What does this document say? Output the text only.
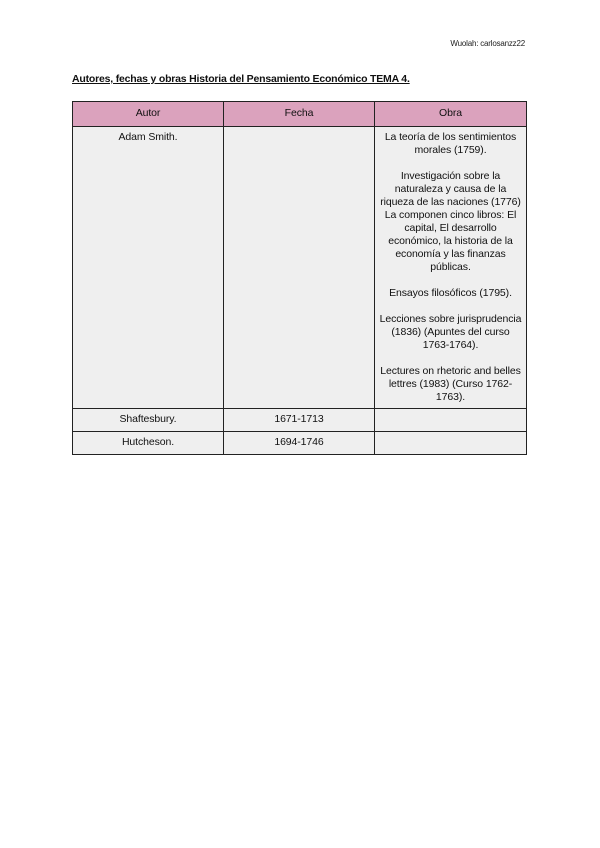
Wuolah: carlosanzz22
Autores, fechas y obras Historia del Pensamiento Económico TEMA 4.
Autor	Fecha	Obra
Adam Smith.		La teoría de los sentimientos morales (1759).

Investigación sobre la naturaleza y causa de la riqueza de las naciones (1776) La componen cinco libros: El capital, El desarrollo económico, la historia de la economía y las finanzas públicas.

Ensayos filosóficos (1795).

Lecciones sobre jurisprudencia (1836) (Apuntes del curso 1763-1764).

Lectures on rhetoric and belles lettres (1983) (Curso 1762-1763).

Shaftesbury.	1671-1713	
Hutcheson.	1694-1746	
